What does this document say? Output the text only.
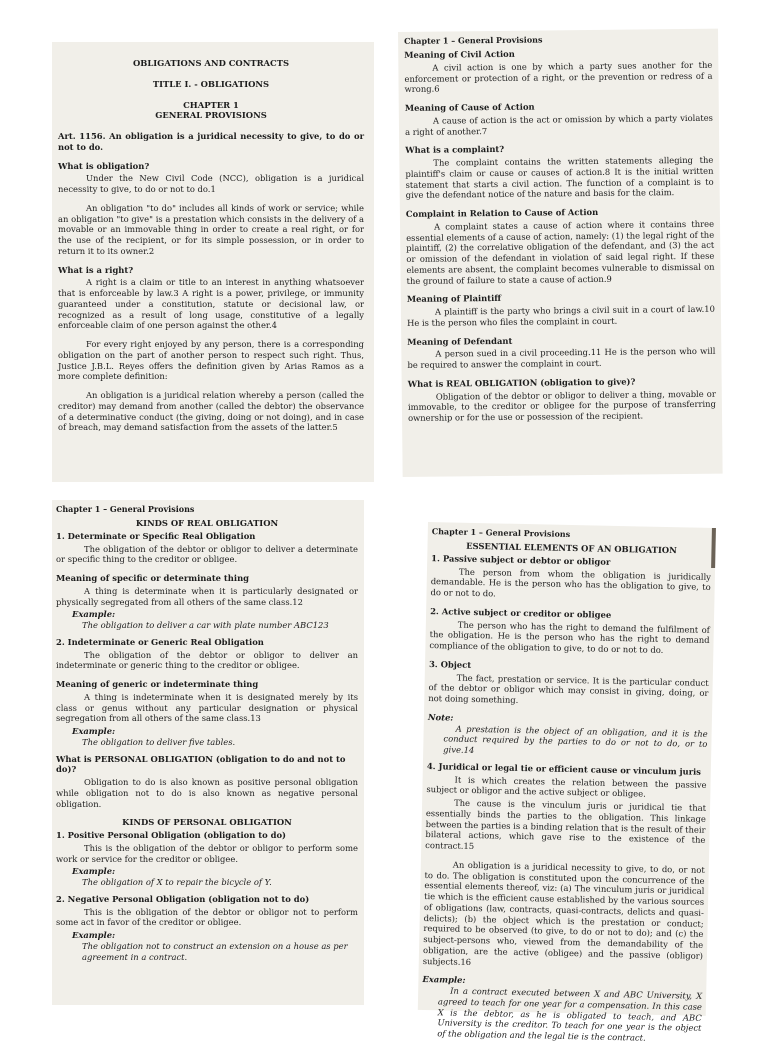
OBLIGATIONS AND CONTRACTS
TITLE I. - OBLIGATIONS
CHAPTER 1
GENERAL PROVISIONS
Art. 1156. An obligation is a juridical necessity to give, to do or not to do.
What is obligation?
Under the New Civil Code (NCC), obligation is a juridical necessity to give, to do or not to do.1
An obligation "to do" includes all kinds of work or service; while an obligation "to give" is a prestation which consists in the delivery of a movable or an immovable thing in order to create a real right, or for the use of the recipient, or for its simple possession, or in order to return it to its owner.2
What is a right?
A right is a claim or title to an interest in anything whatsoever that is enforceable by law.3 A right is a power, privilege, or immunity guaranteed under a constitution, statute or decisional law, or recognized as a result of long usage, constitutive of a legally enforceable claim of one person against the other.4
For every right enjoyed by any person, there is a corresponding obligation on the part of another person to respect such right. Thus, Justice J.B.L. Reyes offers the definition given by Arias Ramos as a more complete definition:
An obligation is a juridical relation whereby a person (called the creditor) may demand from another (called the debtor) the observance of a determinative conduct (the giving, doing or not doing), and in case of breach, may demand satisfaction from the assets of the latter.5
Chapter 1 – General Provisions
Meaning of Civil Action
A civil action is one by which a party sues another for the enforcement or protection of a right, or the prevention or redress of a wrong.6
Meaning of Cause of Action
A cause of action is the act or omission by which a party violates a right of another.7
What is a complaint?
The complaint contains the written statements alleging the plaintiff's claim or cause or causes of action.8 It is the initial written statement that starts a civil action. The function of a complaint is to give the defendant notice of the nature and basis for the claim.
Complaint in Relation to Cause of Action
A complaint states a cause of action where it contains three essential elements of a cause of action, namely: (1) the legal right of the plaintiff, (2) the correlative obligation of the defendant, and (3) the act or omission of the defendant in violation of said legal right. If these elements are absent, the complaint becomes vulnerable to dismissal on the ground of failure to state a cause of action.9
Meaning of Plaintiff
A plaintiff is the party who brings a civil suit in a court of law.10 He is the person who files the complaint in court.
Meaning of Defendant
A person sued in a civil proceeding.11 He is the person who will be required to answer the complaint in court.
What is REAL OBLIGATION (obligation to give)?
Obligation of the debtor or obligor to deliver a thing, movable or immovable, to the creditor or obligee for the purpose of transferring ownership or for the use or possession of the recipient.
Chapter 1 – General Provisions
KINDS OF REAL OBLIGATION
1. Determinate or Specific Real Obligation
The obligation of the debtor or obligor to deliver a determinate or specific thing to the creditor or obligee.
Meaning of specific or determinate thing
A thing is determinate when it is particularly designated or physically segregated from all others of the same class.12
Example:
The obligation to deliver a car with plate number ABC123
2. Indeterminate or Generic Real Obligation
The obligation of the debtor or obligor to deliver an indeterminate or generic thing to the creditor or obligee.
Meaning of generic or indeterminate thing
A thing is indeterminate when it is designated merely by its class or genus without any particular designation or physical segregation from all others of the same class.13
Example:
The obligation to deliver five tables.
What is PERSONAL OBLIGATION (obligation to do and not to do)?
Obligation to do is also known as positive personal obligation while obligation not to do is also known as negative personal obligation.
KINDS OF PERSONAL OBLIGATION
1. Positive Personal Obligation (obligation to do)
This is the obligation of the debtor or obligor to perform some work or service for the creditor or obligee.
Example:
The obligation of X to repair the bicycle of Y.
2. Negative Personal Obligation (obligation not to do)
This is the obligation of the debtor or obligor not to perform some act in favor of the creditor or obligee.
Example:
The obligation not to construct an extension on a house as per agreement in a contract.
Chapter 1 – General Provisions
ESSENTIAL ELEMENTS OF AN OBLIGATION
1. Passive subject or debtor or obligor
The person from whom the obligation is juridically demandable. He is the person who has the obligation to give, to do or not to do.
2. Active subject or creditor or obligee
The person who has the right to demand the fulfilment of the obligation. He is the person who has the right to demand compliance of the obligation to give, to do or not to do.
3. Object
The fact, prestation or service. It is the particular conduct of the debtor or obligor which may consist in giving, doing, or not doing something.
Note:
A prestation is the object of an obligation, and it is the conduct required by the parties to do or not to do, or to give.14
4. Juridical or legal tie or efficient cause or vinculum juris
It is which creates the relation between the passive subject or obligor and the active subject or obligee.
The cause is the vinculum juris or juridical tie that essentially binds the parties to the obligation. This linkage between the parties is a binding relation that is the result of their bilateral actions, which gave rise to the existence of the contract.15
An obligation is a juridical necessity to give, to do, or not to do. The obligation is constituted upon the concurrence of the essential elements thereof, viz: (a) The vinculum juris or juridical tie which is the efficient cause established by the various sources of obligations (law, contracts, quasi-contracts, delicts and quasi-delicts); (b) the object which is the prestation or conduct; required to be observed (to give, to do or not to do); and (c) the subject-persons who, viewed from the demandability of the obligation, are the active (obligee) and the passive (obligor) subjects.16
Example:
In a contract executed between X and ABC University, X agreed to teach for one year for a compensation. In this case X is the debtor, as he is obligated to teach, and ABC University is the creditor. To teach for one year is the object of the obligation and the legal tie is the contract.
